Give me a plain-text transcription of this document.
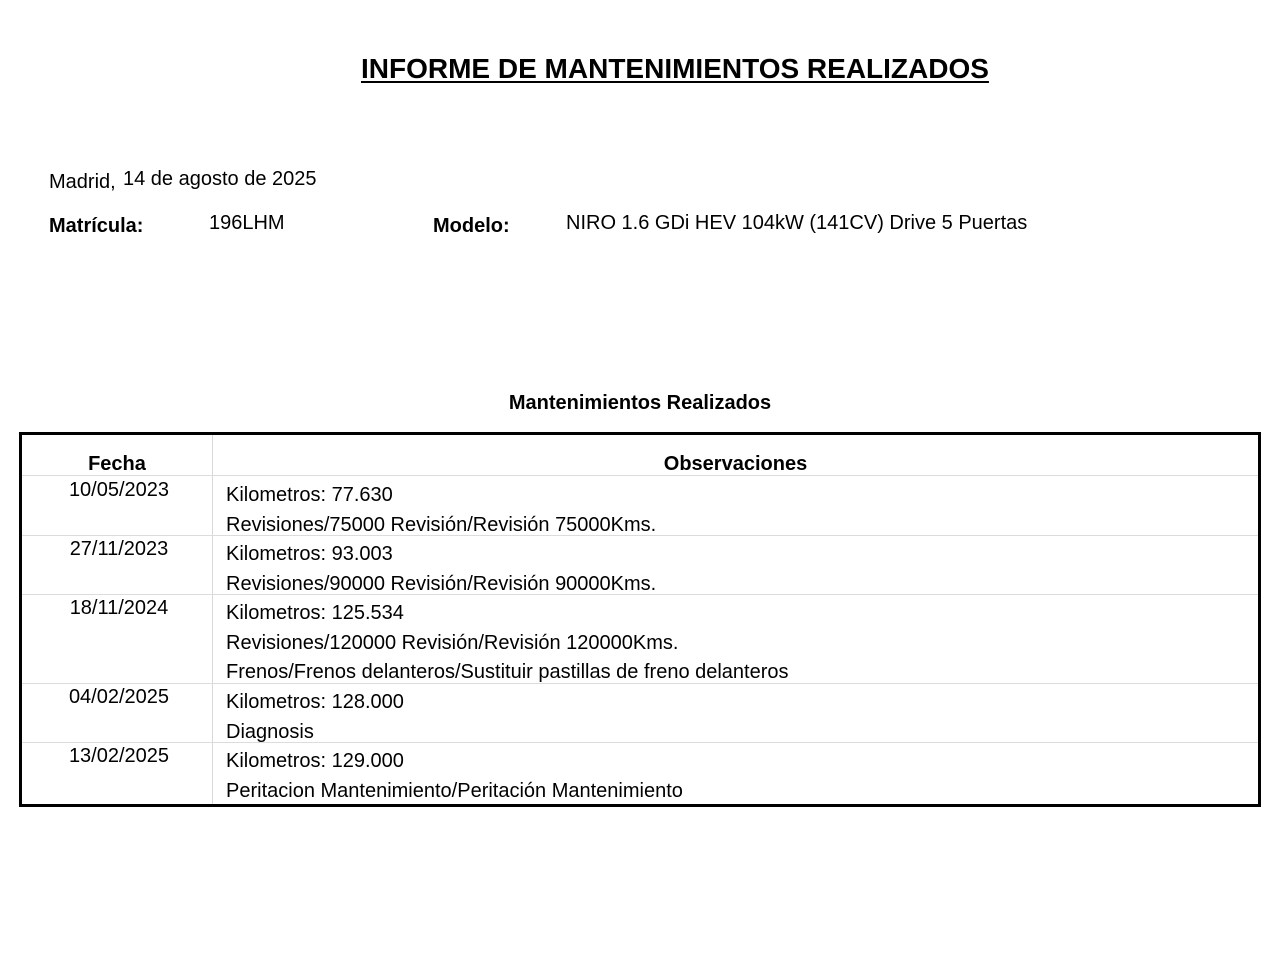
INFORME DE MANTENIMIENTOS REALIZADOS
Madrid, 14 de agosto de 2025
Matrícula:	196LHM	Modelo:	NIRO 1.6 GDi HEV 104kW (141CV) Drive 5 Puertas
Mantenimientos Realizados
Fecha	Observaciones
10/05/2023	Kilometros: 77.630
Revisiones/75000 Revisión/Revisión 75000Kms.
27/11/2023	Kilometros: 93.003
Revisiones/90000 Revisión/Revisión 90000Kms.
18/11/2024	Kilometros: 125.534
Revisiones/120000 Revisión/Revisión 120000Kms.
Frenos/Frenos delanteros/Sustituir pastillas de freno delanteros
04/02/2025	Kilometros: 128.000
Diagnosis
13/02/2025	Kilometros: 129.000
Peritacion Mantenimiento/Peritación Mantenimiento
